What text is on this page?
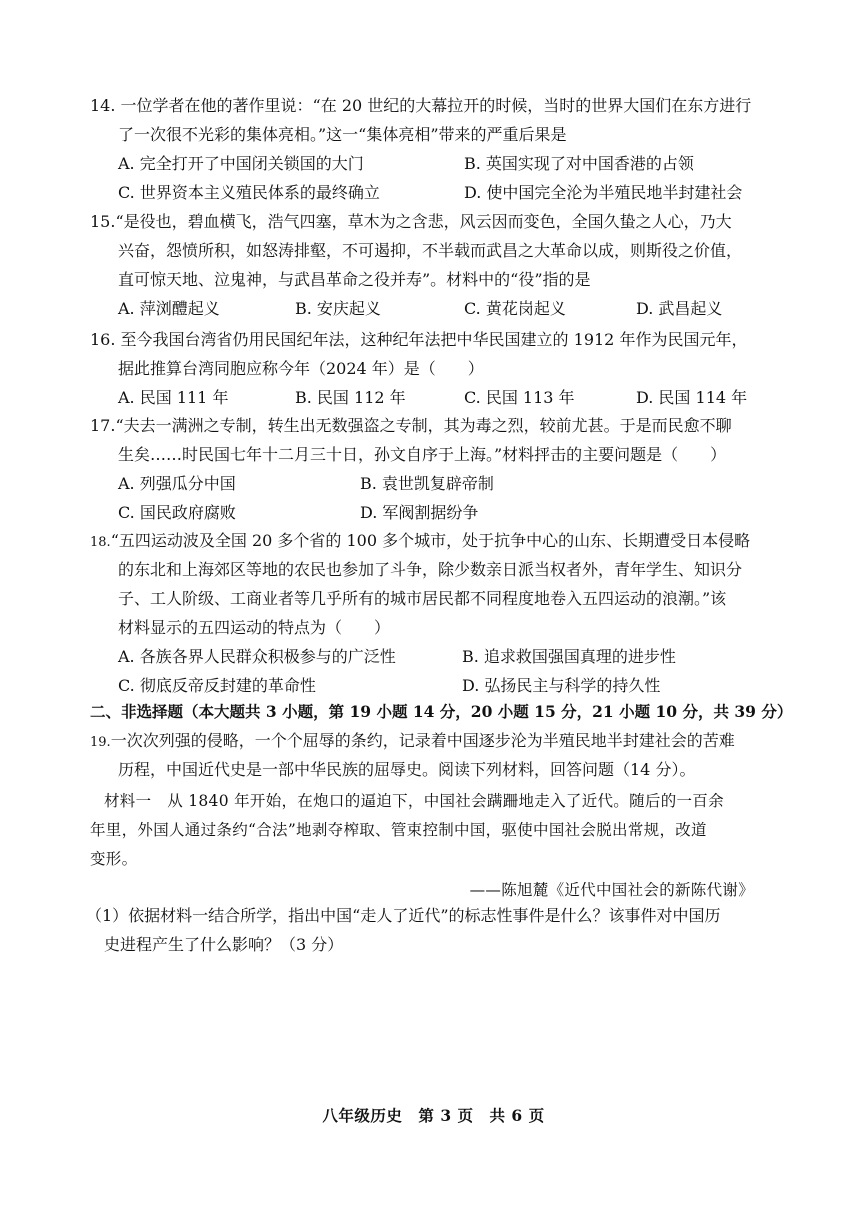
14. 一位学者在他的著作里说：“在 20 世纪的大幕拉开的时候，当时的世界大国们在东方进行
了一次很不光彩的集体亮相。”这一“集体亮相”带来的严重后果是
A. 完全打开了中国闭关锁国的大门	B. 英国实现了对中国香港的占领
C. 世界资本主义殖民体系的最终确立	D. 使中国完全沦为半殖民地半封建社会
15.“是役也，碧血横飞，浩气四塞，草木为之含悲，风云因而变色，全国久蛰之人心，乃大
兴奋，怨愤所积，如怒涛排壑，不可遏抑，不半载而武昌之大革命以成，则斯役之价值，
直可惊天地、泣鬼神，与武昌革命之役并寿”。材料中的“役”指的是
A. 萍浏醴起义	B. 安庆起义	C. 黄花岗起义	D. 武昌起义
16. 至今我国台湾省仍用民国纪年法，这种纪年法把中华民国建立的 1912 年作为民国元年，
据此推算台湾同胞应称今年（2024 年）是（　　）
A. 民国 111 年	B. 民国 112 年	C. 民国 113 年	D. 民国 114 年
17.“夫去一满洲之专制，转生出无数强盗之专制，其为毒之烈，较前尤甚。于是而民愈不聊
生矣……时民国七年十二月三十日，孙文自序于上海。”材料抨击的主要问题是（　　）
A. 列强瓜分中国	B. 袁世凯复辟帝制
C. 国民政府腐败	D. 军阀割据纷争
18.“五四运动波及全国 20 多个省的 100 多个城市，处于抗争中心的山东、长期遭受日本侵略
的东北和上海郊区等地的农民也参加了斗争，除少数亲日派当权者外，青年学生、知识分
子、工人阶级、工商业者等几乎所有的城市居民都不同程度地卷入五四运动的浪潮。”该
材料显示的五四运动的特点为（　　）
A. 各族各界人民群众积极参与的广泛性	B. 追求救国强国真理的进步性
C. 彻底反帝反封建的革命性	D. 弘扬民主与科学的持久性
二、非选择题（本大题共 3 小题，第 19 小题 14 分，20 小题 15 分，21 小题 10 分，共 39 分）
19.一次次列强的侵略，一个个屈辱的条约，记录着中国逐步沦为半殖民地半封建社会的苦难
历程，中国近代史是一部中华民族的屈辱史。阅读下列材料，回答问题（14 分）。
材料一　从 1840 年开始，在炮口的逼迫下，中国社会蹒跚地走入了近代。随后的一百余
年里，外国人通过条约“合法”地剥夺榨取、管束控制中国，驱使中国社会脱出常规，改道
变形。
——陈旭麓《近代中国社会的新陈代谢》
（1）依据材料一结合所学，指出中国“走人了近代”的标志性事件是什么？该事件对中国历
史进程产生了什么影响？（3 分）
八年级历史　第 3 页　共 6 页
